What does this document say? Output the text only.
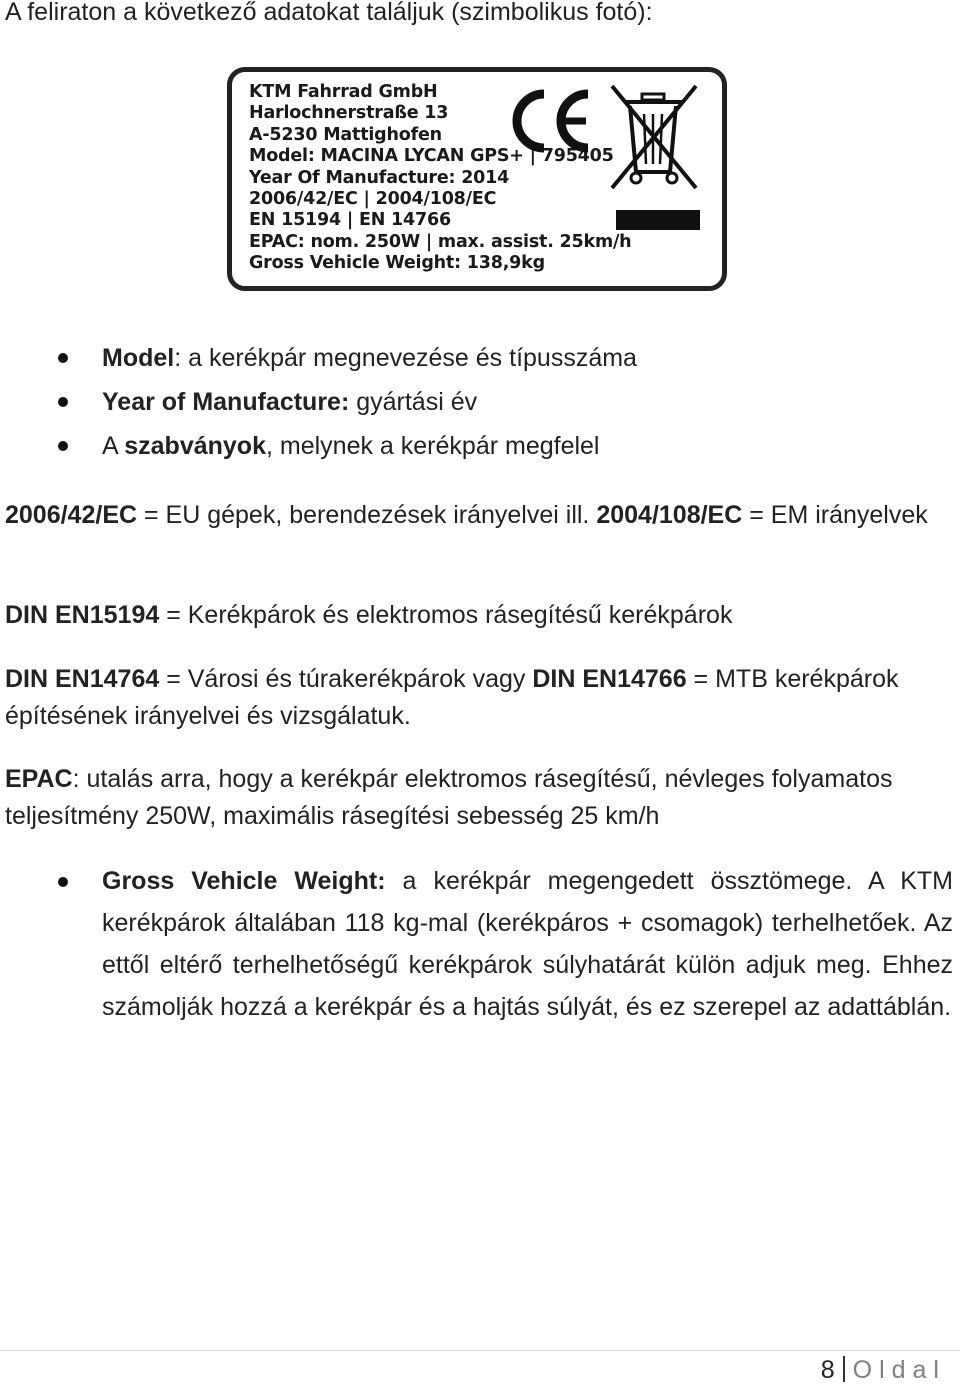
A feliraton a következő adatokat találjuk (szimbolikus fotó):

KTM Fahrrad GmbH
Harlochnerstraße 13
A-5230 Mattighofen
Model: MACINA LYCAN GPS+ | 795405
Year Of Manufacture: 2014
2006/42/EC | 2004/108/EC
EN 15194 | EN 14766
EPAC: nom. 250W | max. assist. 25km/h
Gross Vehicle Weight: 138,9kg
Model: a kerékpár megnevezése és típusszáma
Year of Manufacture: gyártási év
A szabványok, melynek a kerékpár megfelel

2006/42/EC = EU gépek, berendezések irányelvei ill. 2004/108/EC = EM irányelvek

DIN EN15194 = Kerékpárok és elektromos rásegítésű kerékpárok

DIN EN14764 = Városi és túrakerékpárok vagy DIN EN14766 = MTB kerékpárok építésének irányelvei és vizsgálatuk.

EPAC: utalás arra, hogy a kerékpár elektromos rásegítésű, névleges folyamatos teljesítmény 250W, maximális rásegítési sebesség 25 km/h

Gross Vehicle Weight: a kerékpár megengedett össztömege. A KTM kerékpárok általában 118 kg-mal (kerékpáros + csomagok) terhelhetőek. Az ettől eltérő terhelhetőségű kerékpárok súlyhatárát külön adjuk meg. Ehhez számolják hozzá a kerékpár és a hajtás súlyát, és ez szerepel az adattáblán.
8 Oldal
